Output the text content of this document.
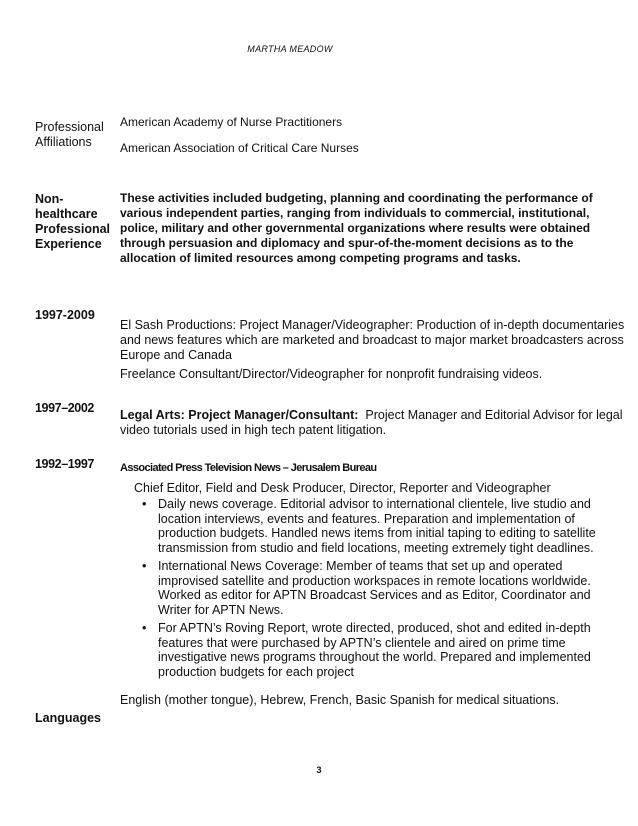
MARTHA MEADOW
Professional
Affiliations
American Academy of Nurse Practitioners
American Association of Critical Care Nurses
Non-
healthcare
Professional
Experience
These activities included budgeting, planning and coordinating the performance of various independent parties, ranging from individuals to commercial, institutional, police, military and other governmental organizations where results were obtained through persuasion and diplomacy and spur-of-the-moment decisions as to the allocation of limited resources among competing programs and tasks.
1997-2009
El Sash Productions: Project Manager/Videographer: Production of in-depth documentaries and news features which are marketed and broadcast to major market broadcasters across Europe and Canada
Freelance Consultant/Director/Videographer for nonprofit fundraising videos.
1997–2002	Legal Arts: Project Manager/Consultant: Project Manager and Editorial Advisor for legal video tutorials used in high tech patent litigation.
1992–1997	Associated Press Television News – Jerusalem Bureau
Chief Editor, Field and Desk Producer, Director, Reporter and Videographer
• Daily news coverage. Editorial advisor to international clientele, live studio and location interviews, events and features. Preparation and implementation of production budgets. Handled news items from initial taping to editing to satellite transmission from studio and field locations, meeting extremely tight deadlines.
• International News Coverage: Member of teams that set up and operated improvised satellite and production workspaces in remote locations worldwide. Worked as editor for APTN Broadcast Services and as Editor, Coordinator and Writer for APTN News.
• For APTN’s Roving Report, wrote directed, produced, shot and edited in-depth features that were purchased by APTN’s clientele and aired on prime time investigative news programs throughout the world. Prepared and implemented production budgets for each project
English (mother tongue), Hebrew, French, Basic Spanish for medical situations.
Languages
3
